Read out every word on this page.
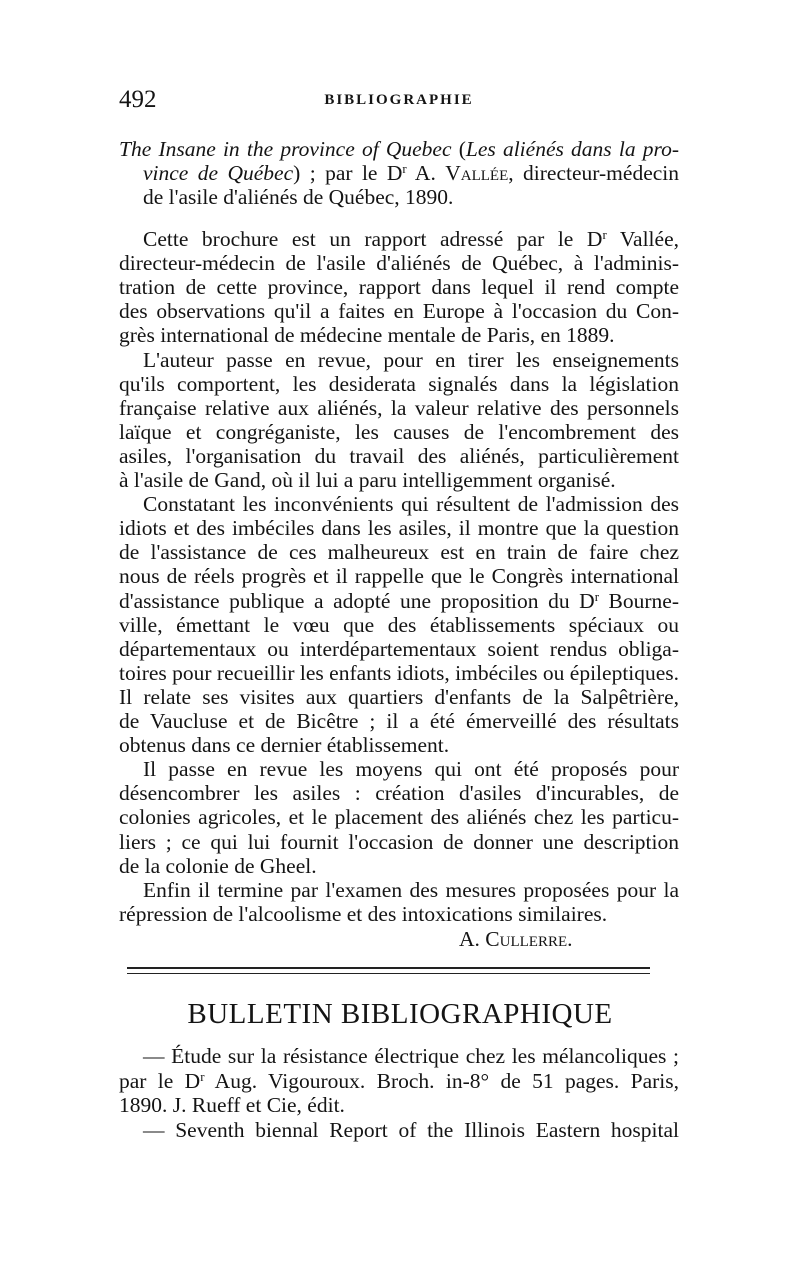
492	BIBLIOGRAPHIE
The Insane in the province of Quebec (Les aliénés dans la pro-
vince de Québec) ; par le $D^r$ A. Vallée, directeur-médecin
de l'asile d'aliénés de Québec, 1890.
Cette brochure est un rapport adressé par le $D^r$ Vallée,
directeur-médecin de l'asile d'aliénés de Québec, à l'adminis-
tration de cette province, rapport dans lequel il rend compte
des observations qu'il a faites en Europe à l'occasion du Con-
grès international de médecine mentale de Paris, en 1889.
L'auteur passe en revue, pour en tirer les enseignements
qu'ils comportent, les desiderata signalés dans la législation
française relative aux aliénés, la valeur relative des personnels
laïque et congréganiste, les causes de l'encombrement des
asiles, l'organisation du travail des aliénés, particulièrement
à l'asile de Gand, où il lui a paru intelligemment organisé.
Constatant les inconvénients qui résultent de l'admission des
idiots et des imbéciles dans les asiles, il montre que la question
de l'assistance de ces malheureux est en train de faire chez
nous de réels progrès et il rappelle que le Congrès international
d'assistance publique a adopté une proposition du $D^r$ Bourne-
ville, émettant le vœu que des établissements spéciaux ou
départementaux ou interdépartementaux soient rendus obliga-
toires pour recueillir les enfants idiots, imbéciles ou épileptiques.
Il relate ses visites aux quartiers d'enfants de la Salpêtrière,
de Vaucluse et de Bicêtre ; il a été émerveillé des résultats
obtenus dans ce dernier établissement.
Il passe en revue les moyens qui ont été proposés pour
désencombrer les asiles : création d'asiles d'incurables, de
colonies agricoles, et le placement des aliénés chez les particu-
liers ; ce qui lui fournit l'occasion de donner une description
de la colonie de Gheel.
Enfin il termine par l'examen des mesures proposées pour la
répression de l'alcoolisme et des intoxications similaires.
A. Cullerre.
BULLETIN BIBLIOGRAPHIQUE
— Étude sur la résistance électrique chez les mélancoliques ;
par le $D^r$ Aug. Vigouroux. Broch. in-8° de 51 pages. Paris,
1890. J. Rueff et Cie, édit.
— Seventh biennal Report of the Illinois Eastern hospital
